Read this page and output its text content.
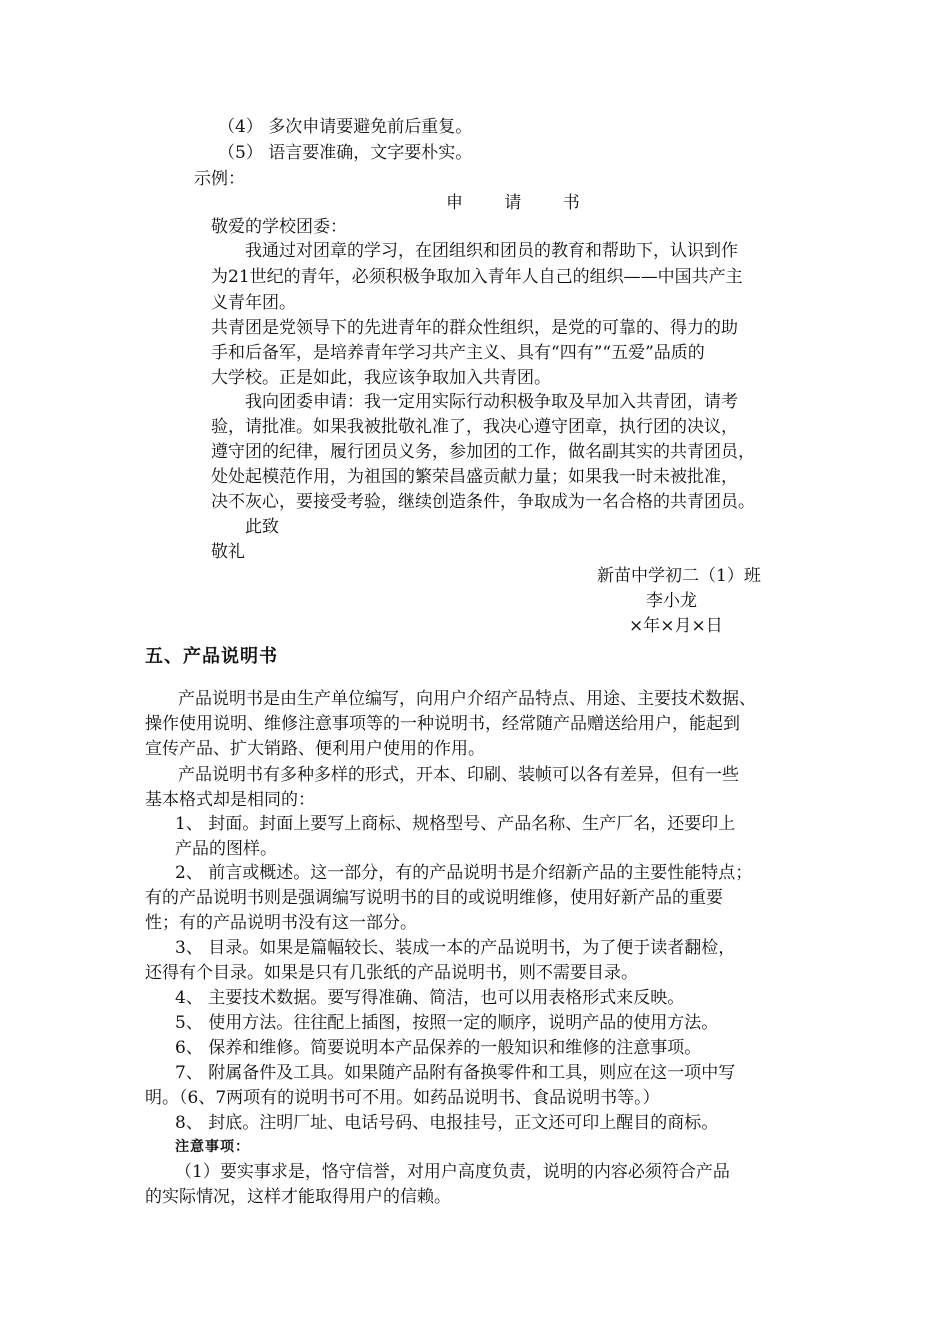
（4） 多次申请要避免前后重复。
（5） 语言要准确，文字要朴实。
示例：
申 请 书
敬爱的学校团委：
我通过对团章的学习，在团组织和团员的教育和帮助下，认识到作
为21世纪的青年，必须积极争取加入青年人自己的组织——中国共产主
义青年团。
共青团是党领导下的先进青年的群众性组织，是党的可靠的、得力的助
手和后备军，是培养青年学习共产主义、具有“四有”“五爱”品质的
大学校。正是如此，我应该争取加入共青团。
我向团委申请：我一定用实际行动积极争取及早加入共青团，请考
验，请批准。如果我被批敬礼准了，我决心遵守团章，执行团的决议，
遵守团的纪律，履行团员义务，参加团的工作，做名副其实的共青团员，
处处起模范作用，为祖国的繁荣昌盛贡献力量；如果我一时未被批准，
决不灰心，要接受考验，继续创造条件，争取成为一名合格的共青团员。
此致
敬礼
新苗中学初二（1）班
李小龙
×年×月×日
五、产品说明书
产品说明书是由生产单位编写，向用户介绍产品特点、用途、主要技术数据、
操作使用说明、维修注意事项等的一种说明书，经常随产品赠送给用户，能起到
宣传产品、扩大销路、便利用户使用的作用。
产品说明书有多种多样的形式，开本、印刷、装帧可以各有差异，但有一些
基本格式却是相同的：
1、 封面。封面上要写上商标、规格型号、产品名称、生产厂名，还要印上
产品的图样。
2、 前言或概述。这一部分，有的产品说明书是介绍新产品的主要性能特点；
有的产品说明书则是强调编写说明书的目的或说明维修，使用好新产品的重要
性；有的产品说明书没有这一部分。
3、 目录。如果是篇幅较长、装成一本的产品说明书，为了便于读者翻检，
还得有个目录。如果是只有几张纸的产品说明书，则不需要目录。
4、 主要技术数据。要写得准确、简洁，也可以用表格形式来反映。
5、 使用方法。往往配上插图，按照一定的顺序，说明产品的使用方法。
6、 保养和维修。简要说明本产品保养的一般知识和维修的注意事项。
7、 附属备件及工具。如果随产品附有备换零件和工具，则应在这一项中写
明。（6、7两项有的说明书可不用。如药品说明书、食品说明书等。）
8、 封底。注明厂址、电话号码、电报挂号，正文还可印上醒目的商标。
注意事项：
（1）要实事求是，恪守信誉，对用户高度负责，说明的内容必须符合产品
的实际情况，这样才能取得用户的信赖。
